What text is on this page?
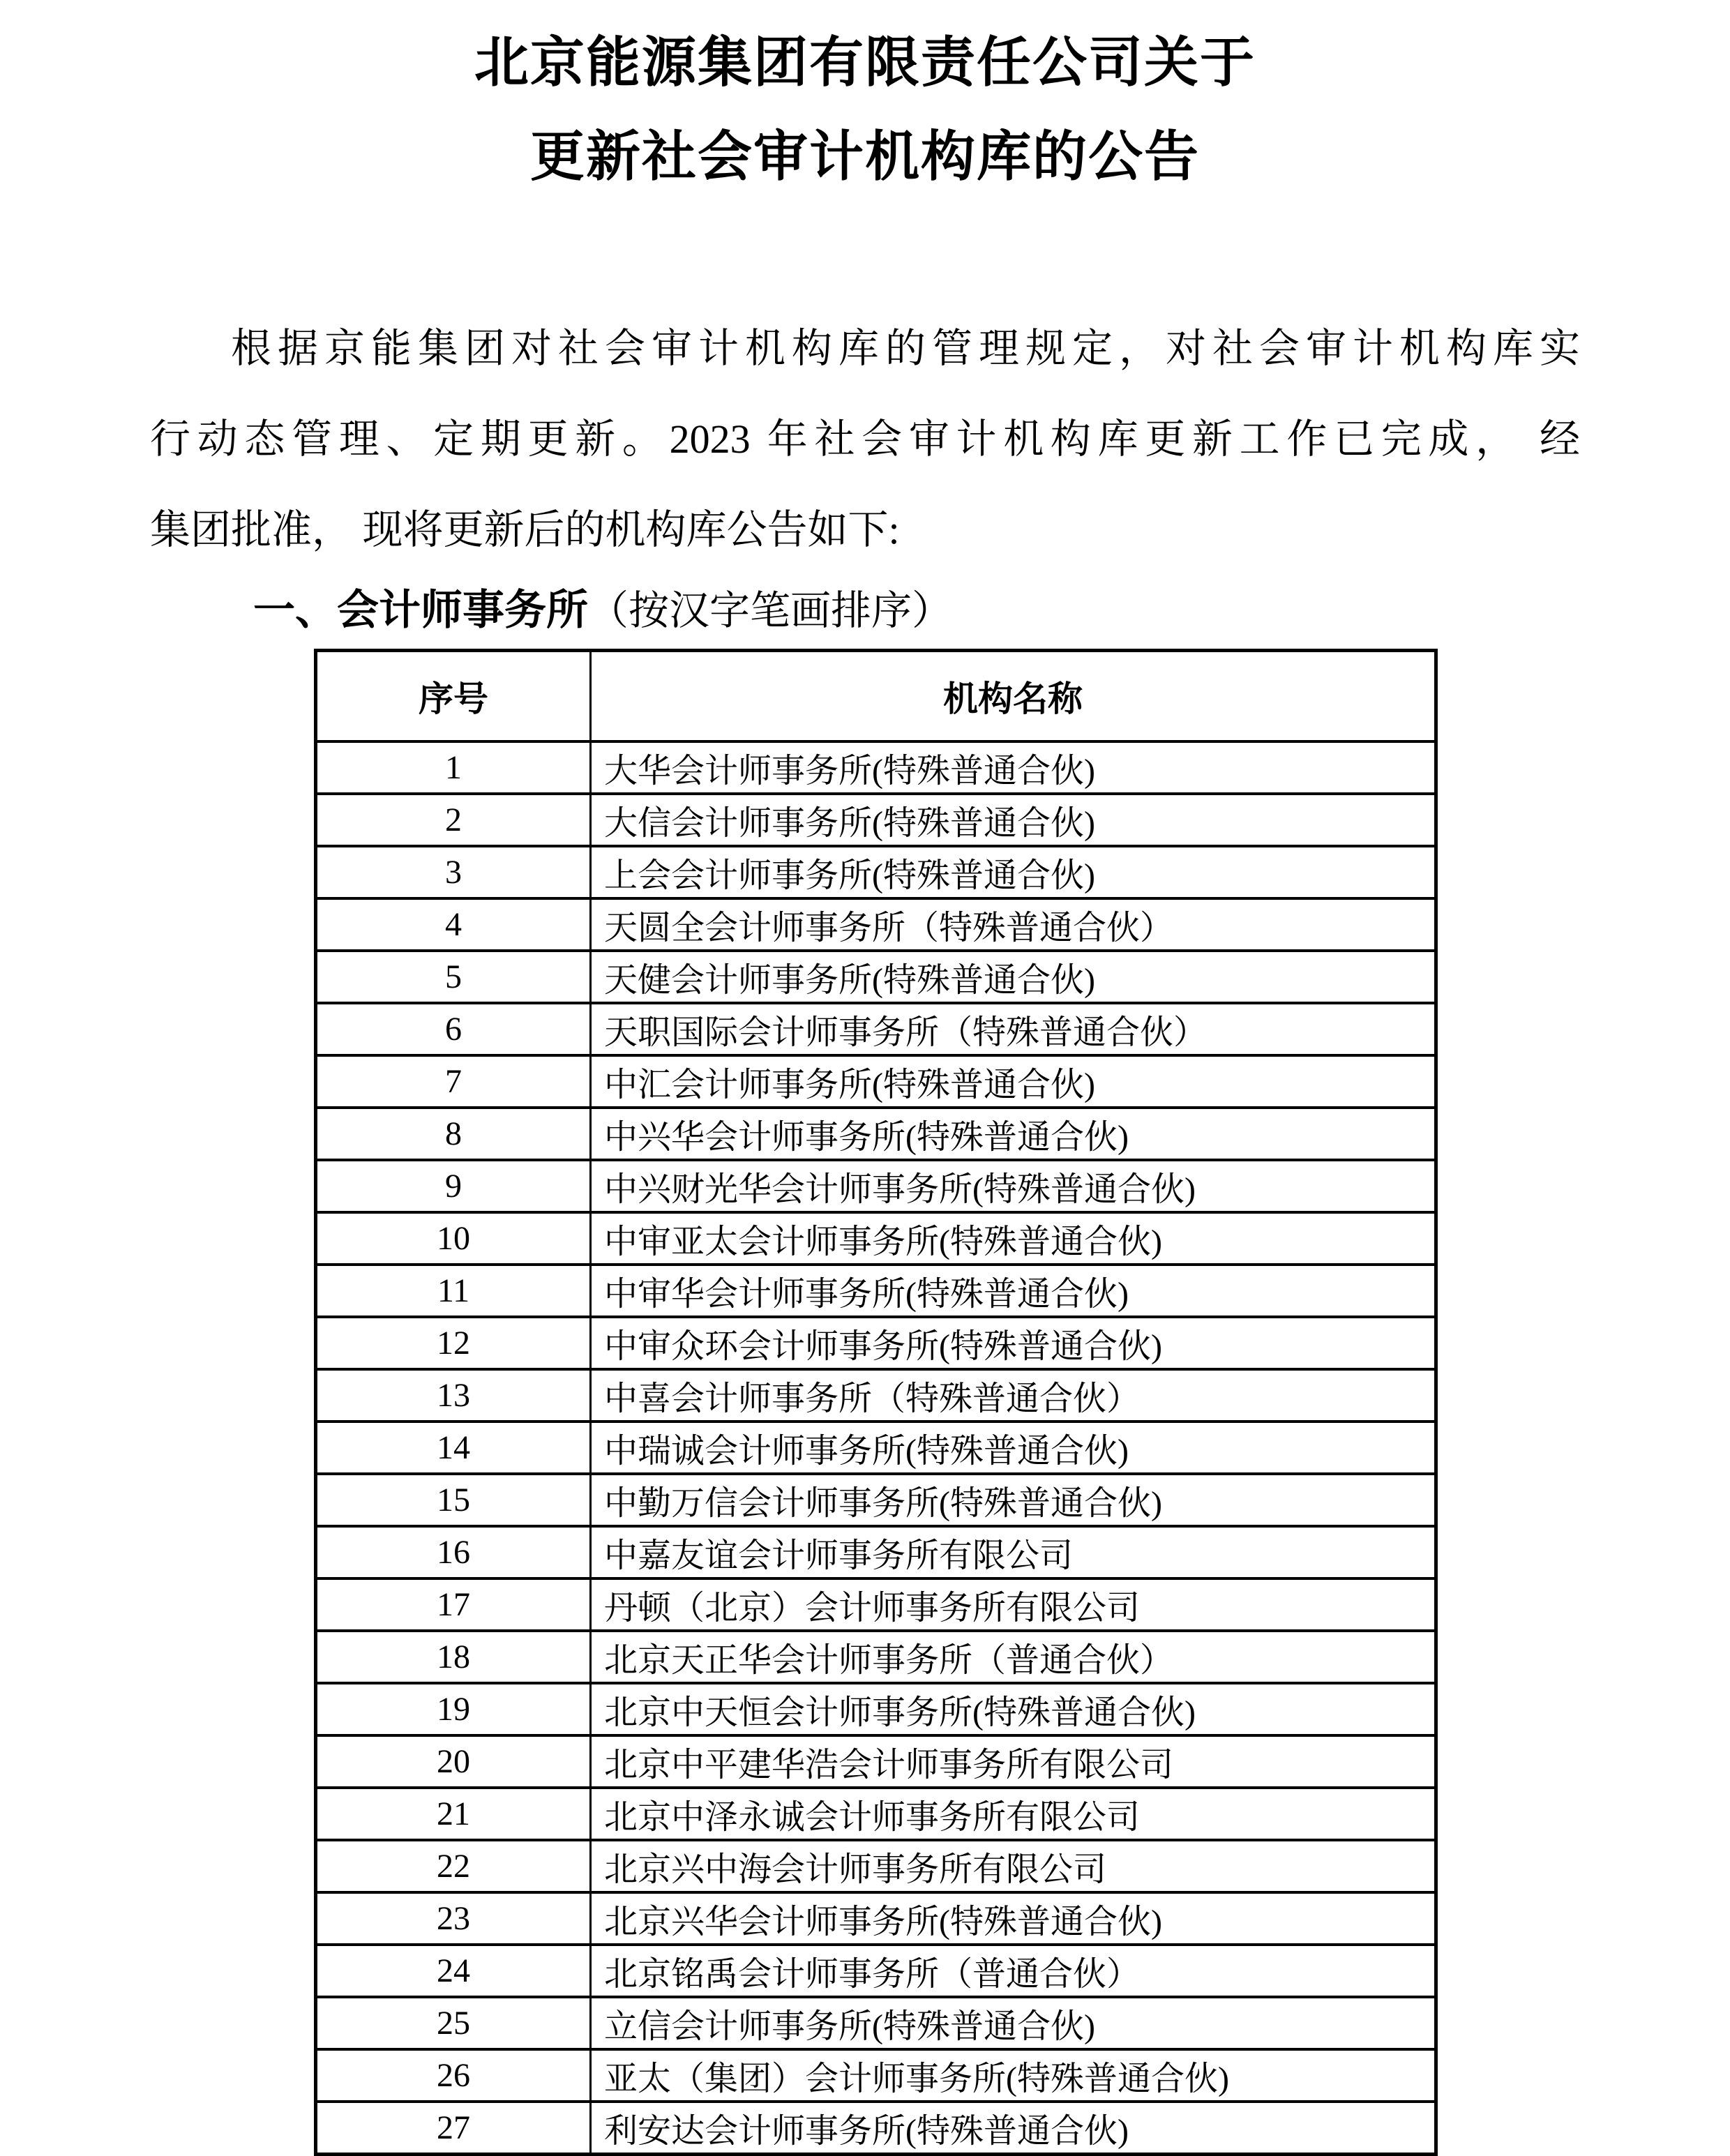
北京能源集团有限责任公司关于
更新社会审计机构库的公告
根据京能集团对社会审计机构库的管理规定，对社会审计机构库实
行动态管理、定期更新。2023 年社会审计机构库更新工作已完成， 经
集团批准， 现将更新后的机构库公告如下:
一、会计师事务所（按汉字笔画排序）
序号	机构名称
1	大华会计师事务所(特殊普通合伙)
2	大信会计师事务所(特殊普通合伙)
3	上会会计师事务所(特殊普通合伙)
4	天圆全会计师事务所（特殊普通合伙）
5	天健会计师事务所(特殊普通合伙)
6	天职国际会计师事务所（特殊普通合伙）
7	中汇会计师事务所(特殊普通合伙)
8	中兴华会计师事务所(特殊普通合伙)
9	中兴财光华会计师事务所(特殊普通合伙)
10	中审亚太会计师事务所(特殊普通合伙)
11	中审华会计师事务所(特殊普通合伙)
12	中审众环会计师事务所(特殊普通合伙)
13	中喜会计师事务所（特殊普通合伙）
14	中瑞诚会计师事务所(特殊普通合伙)
15	中勤万信会计师事务所(特殊普通合伙)
16	中嘉友谊会计师事务所有限公司
17	丹顿（北京）会计师事务所有限公司
18	北京天正华会计师事务所（普通合伙）
19	北京中天恒会计师事务所(特殊普通合伙)
20	北京中平建华浩会计师事务所有限公司
21	北京中泽永诚会计师事务所有限公司
22	北京兴中海会计师事务所有限公司
23	北京兴华会计师事务所(特殊普通合伙)
24	北京铭禹会计师事务所（普通合伙）
25	立信会计师事务所(特殊普通合伙)
26	亚太（集团）会计师事务所(特殊普通合伙)
27	利安达会计师事务所(特殊普通合伙)
